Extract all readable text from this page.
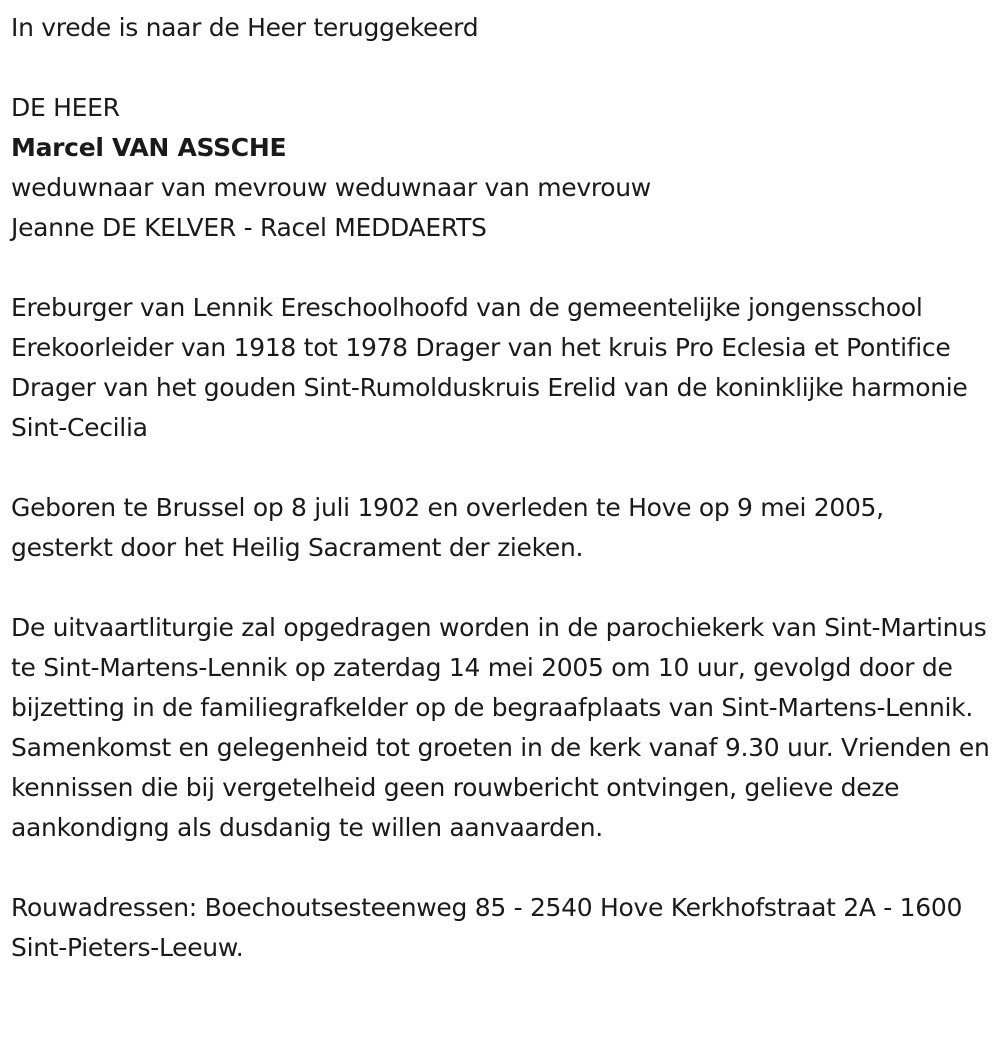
In vrede is naar de Heer teruggekeerd

DE HEER

Marcel VAN ASSCHE

weduwnaar van mevrouw weduwnaar van mevrouw

Jeanne DE KELVER - Racel MEDDAERTS

Ereburger van Lennik Ereschoolhoofd van de gemeentelijke jongensschool Erekoorleider van 1918 tot 1978 Drager van het kruis Pro Eclesia et Pontifice Drager van het gouden Sint-Rumolduskruis Erelid van de koninklijke harmonie Sint-Cecilia

Geboren te Brussel op 8 juli 1902 en overleden te Hove op 9 mei 2005, gesterkt door het Heilig Sacrament der zieken.

De uitvaartliturgie zal opgedragen worden in de parochiekerk van Sint-Martinus te Sint-Martens-Lennik op zaterdag 14 mei 2005 om 10 uur, gevolgd door de bijzetting in de familiegrafkelder op de begraafplaats van Sint-Martens-Lennik. Samenkomst en gelegenheid tot groeten in de kerk vanaf 9.30 uur. Vrienden en kennissen die bij vergetelheid geen rouwbericht ontvingen, gelieve deze aankondigng als dusdanig te willen aanvaarden.

Rouwadressen: Boechoutsesteenweg 85 - 2540 Hove Kerkhofstraat 2A - 1600 Sint-Pieters-Leeuw.
